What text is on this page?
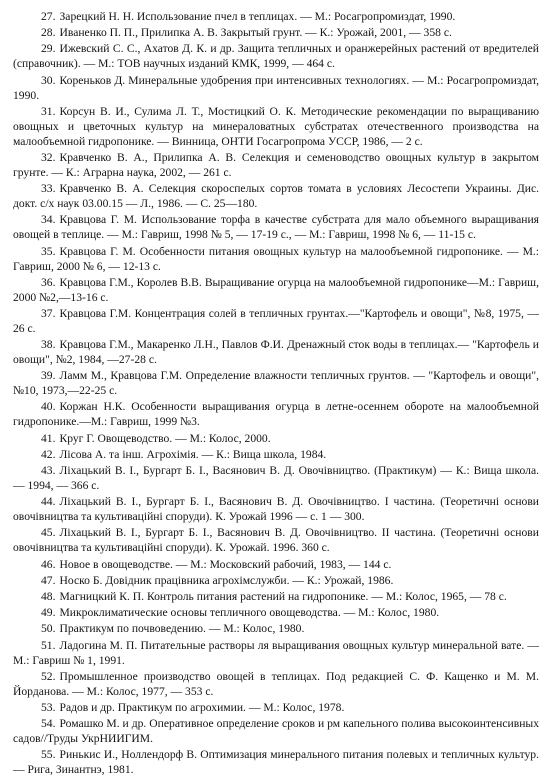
27. Зарецкий Н. Н. Использование пчел в теплицах. — М.: Росагропромиздат, 1990.

28. Иваненко П. П., Прилипка А. В. Закрытый грунт. — К.: Урожай, 2001, — 358 с.

29. Ижевский С. С., Ахатов Д. К. и др. Защита тепличных и оранжерейных растений от вредителей (справочник). — М.: ТОВ научных изданий КМК, 1999, — 464 с.

30. Кореньков Д. Минеральные удобрения при интенсивных технологиях. — М.: Росагропромиздат, 1990.

31. Корсун В. И., Сулима Л. Т., Мостицкий О. К. Методические рекомендации по выращиванию овощных и цветочных культур на минераловатных субстратах отечественного производства на малообъемной гидропонике. — Винница, ОНТИ Госагропрома УССР, 1986, — 2 с.

32. Кравченко В. А., Прилипка А. В. Селекция и семеноводство овощных культур в закрытом грунте. — К.: Аграрна наука, 2002, — 261 с.

33. Кравченко В. А. Селекция скороспелых сортов томата в условиях Лесостепи Украины. Дис. докт. с/х наук 03.00.15 — Л., 1986. — С. 25—180.

34. Кравцова Г. М. Использование торфа в качестве субстрата для мало объемного выращивания овощей в теплице. — М.: Гавриш, 1998 № 5, — 17-19 с., — М.: Гавриш, 1998 № 6, — 11-15 с.

35. Кравцова Г. М. Особенности питания овощных культур на малообъемной гидропонике. — М.: Гавриш, 2000 № 6, — 12-13 с.

36. Кравцова Г.М., Королев В.В. Выращивание огурца на малообъемной гидропонике—М.: Гавриш, 2000 №2,—13-16 с.

37. Кравцова Г.М. Концентрация солей в тепличных грунтах.—"Картофель и овощи", №8, 1975, —26 с.

38. Кравцова Г.М., Макаренко Л.Н., Павлов Ф.И. Дренажный сток воды в теплицах.— "Картофель и овощи", №2, 1984, —27-28 с.

39. Ламм М., Кравцова Г.М. Определение влажности тепличных грунтов. — "Картофель и овощи", №10, 1973,—22-25 с.

40. Коржан Н.К. Особенности выращивания огурца в летне-осеннем обороте на малообъемной гидропонике.—М.: Гавриш, 1999 №3.

41. Круг Г. Овощеводство. — М.: Колос, 2000.

42. Лісова А. та інш. Агрохімія. — К.: Вища школа, 1984.

43. Ліхацький В. І., Бургарт Б. І., Васянович В. Д. Овочівництво. (Практикум) — К.: Вища школа. — 1994, — 366 с.

44. Ліхацький В. І., Бургарт Б. І., Васянович В. Д. Овочівництво. І частина. (Теоретичні основи овочівництва та культиваційні споруди). К. Урожай 1996 — с. 1 — 300.

45. Ліхацький В. І., Бургарт Б. І., Васянович В. Д. Овочівництво. ІІ частина. (Теоретичні основи овочівництва та культиваційні споруди). К. Урожай. 1996. 360 с.

46. Новое в овощеводстве. — М.: Московский рабочий, 1983, — 144 с.

47. Носко Б. Довідник працівника агрохімслужби. — К.: Урожай, 1986.

48. Магницкий К. П. Контроль питания растений на гидропонике. — М.: Колос, 1965, — 78 с.

49. Микроклиматические основы тепличного овощеводства. — М.: Колос, 1980.

50. Практикум по почвоведению. — М.: Колос, 1980.

51. Ладогина М. П. Питательные растворы ля выращивания овощных культур минеральной вате. — М.: Гавриш № 1, 1991.

52. Промышленное производство овощей в теплицах. Под редакцией С. Ф. Кащенко и М. М. Йорданова. — М.: Колос, 1977, — 353 с.

53. Радов и др. Практикум по агрохимии. — М.: Колос, 1978.

54. Ромашко М. и др. Оперативное определение сроков и рм капельного полива высокоинтенсивных садов//Труды УкрНИИГИМ.

55. Ринькис И., Ноллендорф В. Оптимизация минерального питания полевых и тепличных культур. — Рига, Зинантнэ, 1981.
